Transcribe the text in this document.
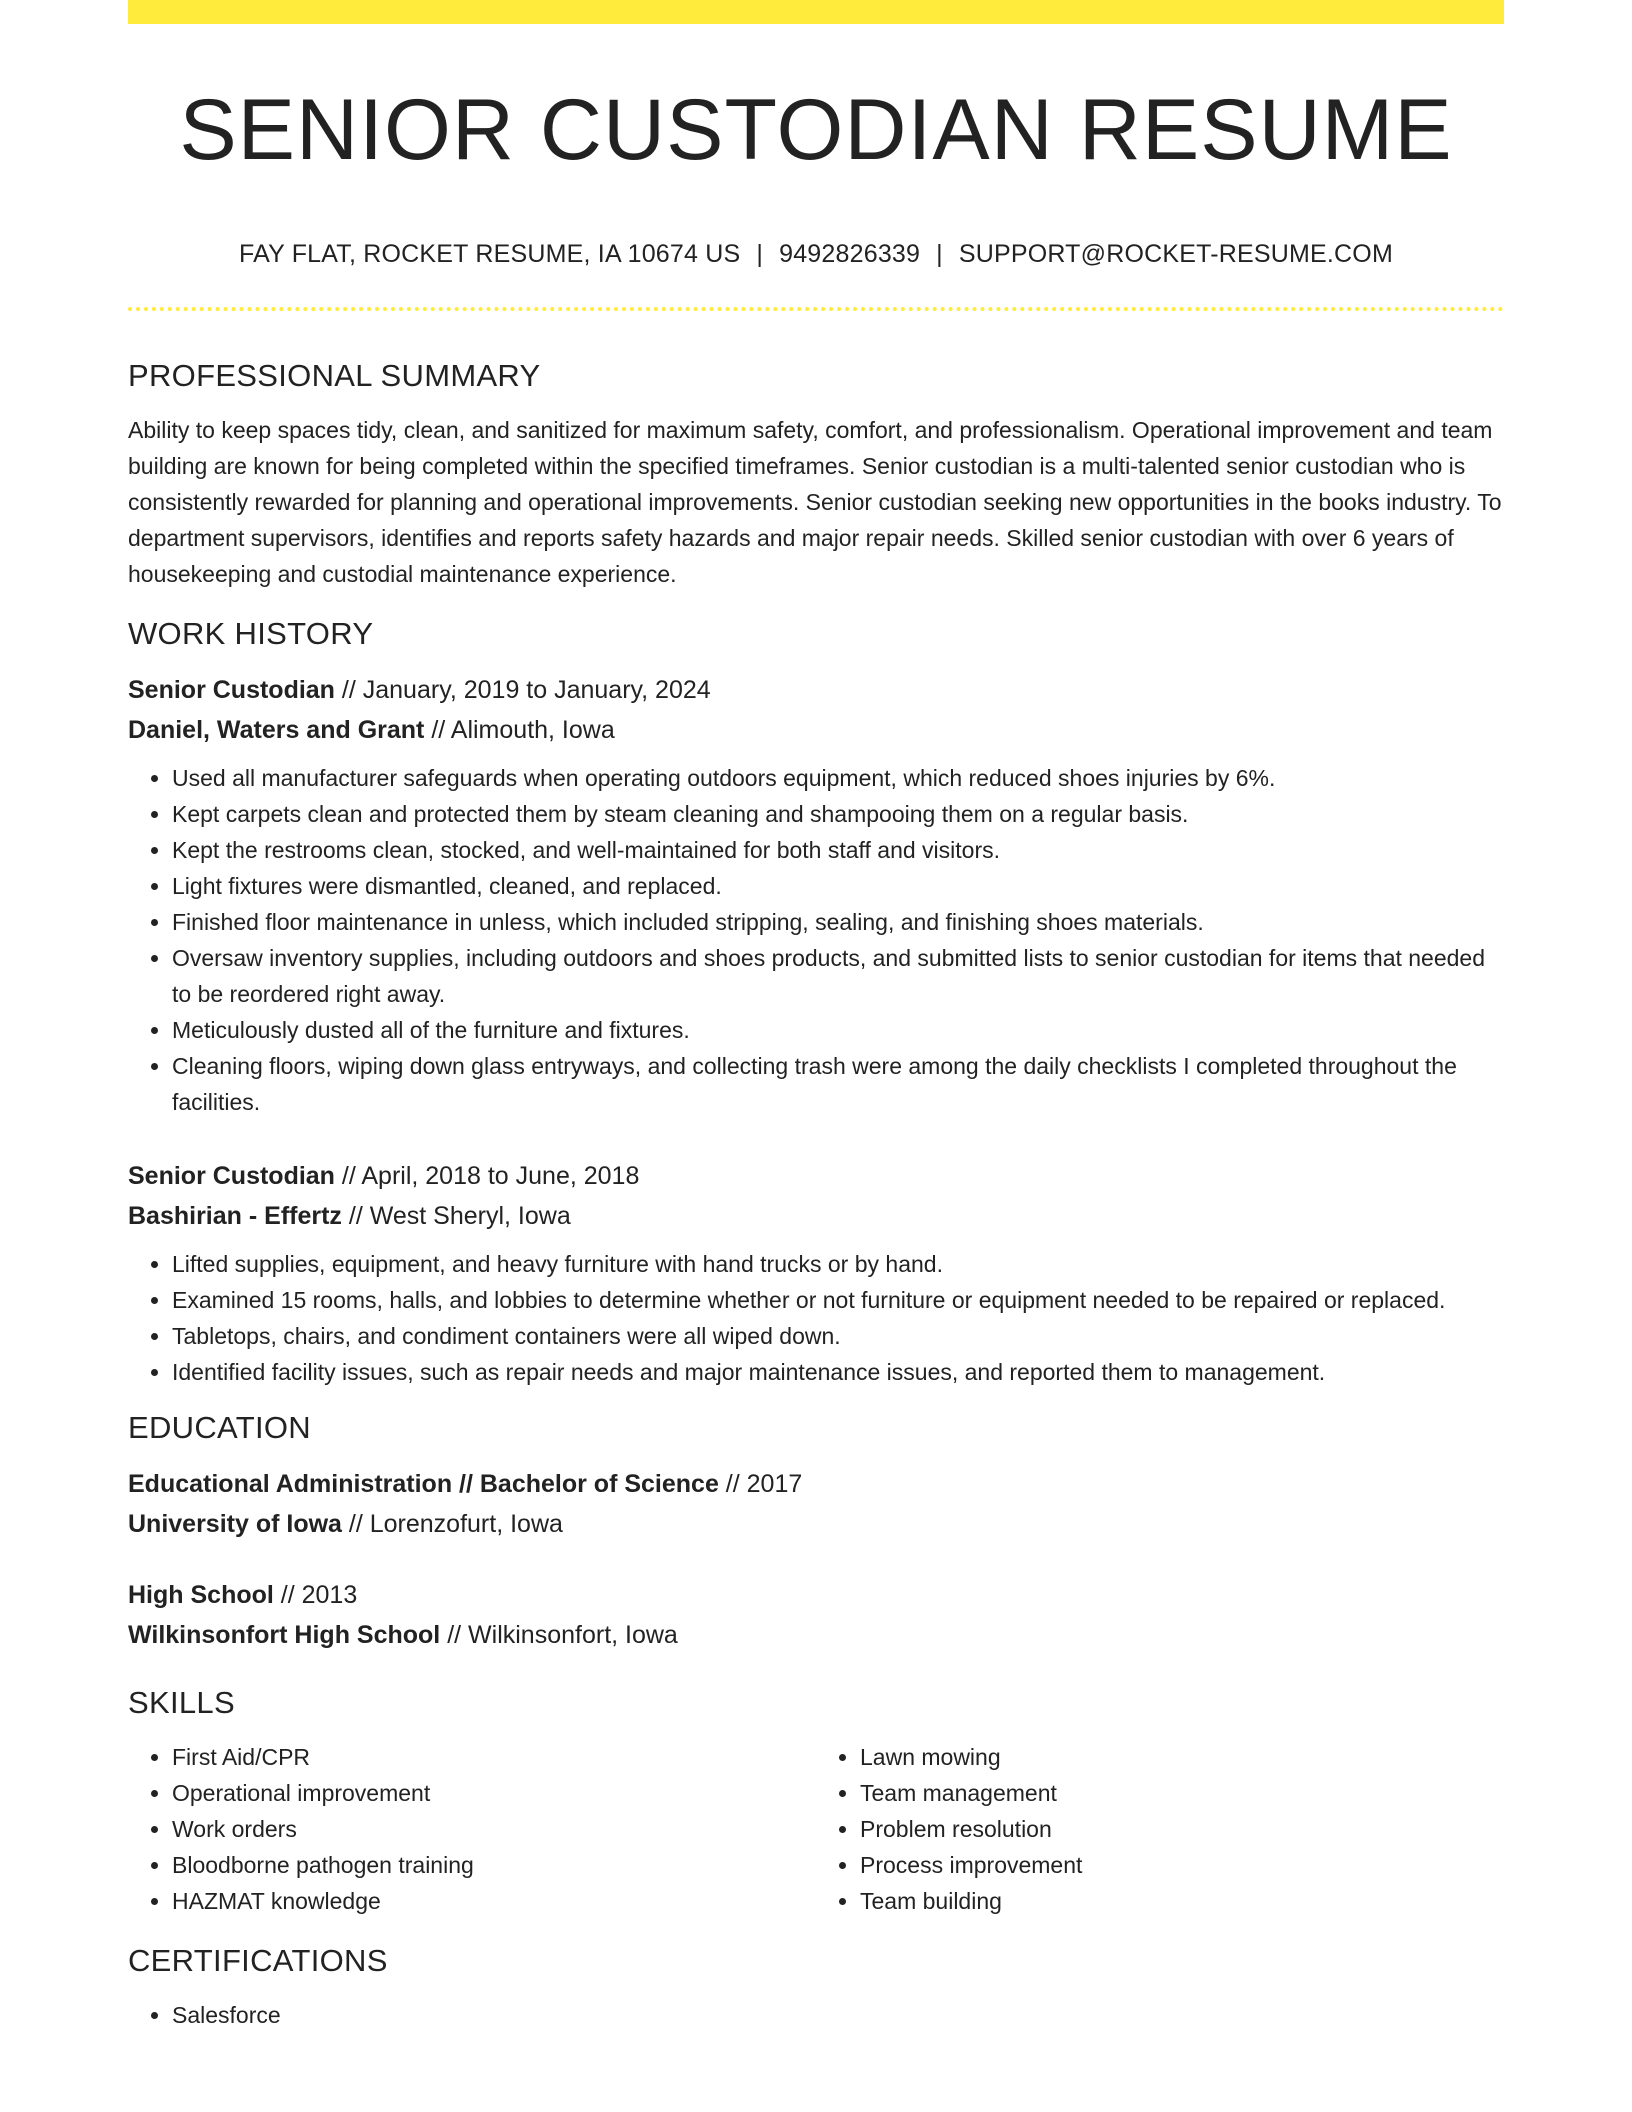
SENIOR CUSTODIAN RESUME
FAY FLAT, ROCKET RESUME, IA 10674 US | 9492826339 | SUPPORT@ROCKET-RESUME.COM
PROFESSIONAL SUMMARY

Ability to keep spaces tidy, clean, and sanitized for maximum safety, comfort, and professionalism. Operational improvement and team building are known for being completed within the specified timeframes. Senior custodian is a multi-talented senior custodian who is consistently rewarded for planning and operational improvements. Senior custodian seeking new opportunities in the books industry. To department supervisors, identifies and reports safety hazards and major repair needs. Skilled senior custodian with over 6 years of housekeeping and custodial maintenance experience.

WORK HISTORY
Senior Custodian // January, 2019 to January, 2024
Daniel, Waters and Grant // Alimouth, Iowa
• Used all manufacturer safeguards when operating outdoors equipment, which reduced shoes injuries by 6%.
• Kept carpets clean and protected them by steam cleaning and shampooing them on a regular basis.
• Kept the restrooms clean, stocked, and well-maintained for both staff and visitors.
• Light fixtures were dismantled, cleaned, and replaced.
• Finished floor maintenance in unless, which included stripping, sealing, and finishing shoes materials.
• Oversaw inventory supplies, including outdoors and shoes products, and submitted lists to senior custodian for items that needed to be reordered right away.
• Meticulously dusted all of the furniture and fixtures.
• Cleaning floors, wiping down glass entryways, and collecting trash were among the daily checklists I completed throughout the facilities.
Senior Custodian // April, 2018 to June, 2018
Bashirian - Effertz // West Sheryl, Iowa
• Lifted supplies, equipment, and heavy furniture with hand trucks or by hand.
• Examined 15 rooms, halls, and lobbies to determine whether or not furniture or equipment needed to be repaired or replaced.
• Tabletops, chairs, and condiment containers were all wiped down.
• Identified facility issues, such as repair needs and major maintenance issues, and reported them to management.
EDUCATION
Educational Administration // Bachelor of Science // 2017
University of Iowa // Lorenzofurt, Iowa
High School // 2013
Wilkinsonfort High School // Wilkinsonfort, Iowa
SKILLS
• First Aid/CPR
• Operational improvement
• Work orders
• Bloodborne pathogen training
• HAZMAT knowledge
• Lawn mowing
• Team management
• Problem resolution
• Process improvement
• Team building
CERTIFICATIONS
• Salesforce
